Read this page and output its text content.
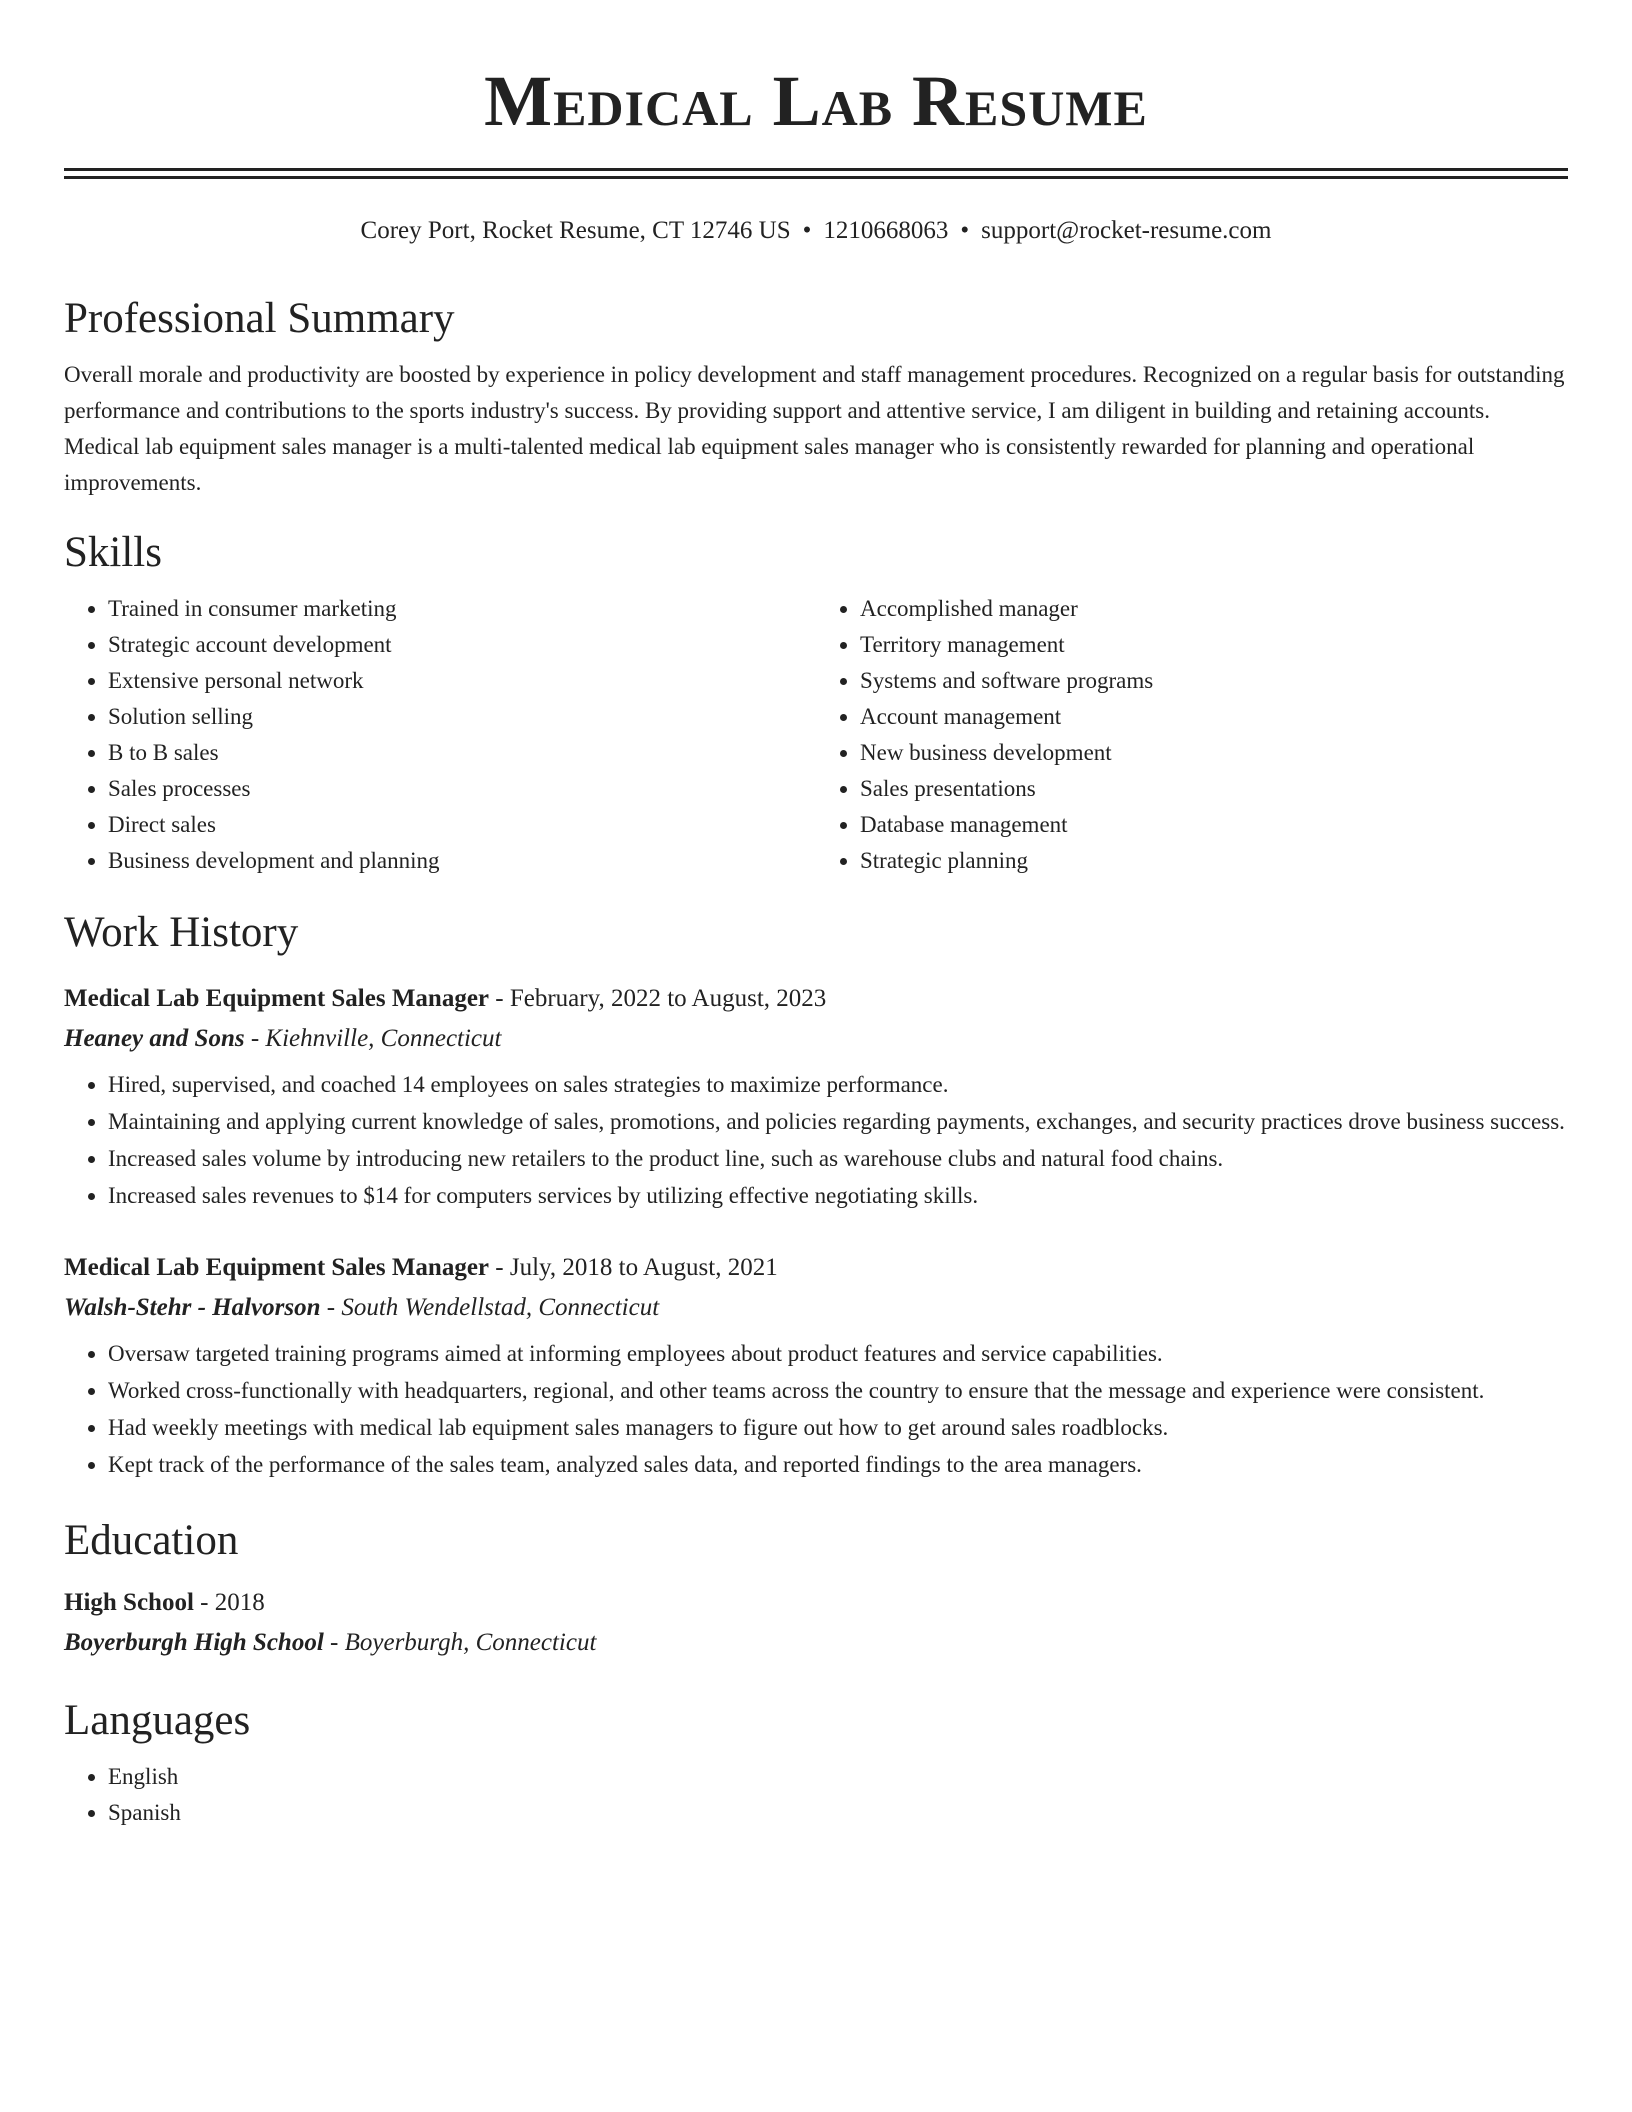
Medical Lab Resume
Corey Port, Rocket Resume, CT 12746 US • 1210668063 • support@rocket-resume.com
Professional Summary

Overall morale and productivity are boosted by experience in policy development and staff management procedures. Recognized on a regular basis for outstanding performance and contributions to the sports industry's success. By providing support and attentive service, I am diligent in building and retaining accounts. Medical lab equipment sales manager is a multi-talented medical lab equipment sales manager who is consistently rewarded for planning and operational improvements.

Skills
• Trained in consumer marketing
• Strategic account development
• Extensive personal network
• Solution selling
• B to B sales
• Sales processes
• Direct sales
• Business development and planning
• Accomplished manager
• Territory management
• Systems and software programs
• Account management
• New business development
• Sales presentations
• Database management
• Strategic planning
Work History
Medical Lab Equipment Sales Manager - February, 2022 to August, 2023
Heaney and Sons - Kiehnville, Connecticut
• Hired, supervised, and coached 14 employees on sales strategies to maximize performance.
• Maintaining and applying current knowledge of sales, promotions, and policies regarding payments, exchanges, and security practices drove business success.
• Increased sales volume by introducing new retailers to the product line, such as warehouse clubs and natural food chains.
• Increased sales revenues to $14 for computers services by utilizing effective negotiating skills.
Medical Lab Equipment Sales Manager - July, 2018 to August, 2021
Walsh-Stehr - Halvorson - South Wendellstad, Connecticut
• Oversaw targeted training programs aimed at informing employees about product features and service capabilities.
• Worked cross-functionally with headquarters, regional, and other teams across the country to ensure that the message and experience were consistent.
• Had weekly meetings with medical lab equipment sales managers to figure out how to get around sales roadblocks.
• Kept track of the performance of the sales team, analyzed sales data, and reported findings to the area managers.
Education
High School - 2018
Boyerburgh High School - Boyerburgh, Connecticut
Languages
• English
• Spanish
